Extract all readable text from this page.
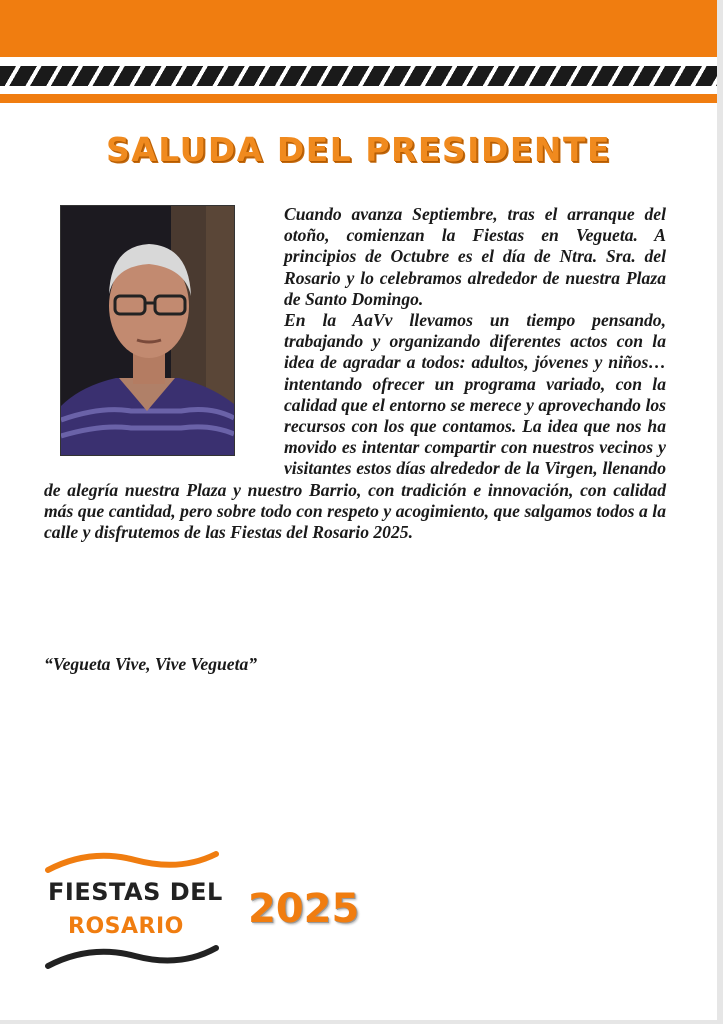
SALUDA DEL PRESIDENTE

Cuando avanza Septiembre, tras el arranque del otoño, comienzan la Fiestas en Vegueta. A principios de Octubre es el día de Ntra. Sra. del Rosario y lo celebramos alrededor de nuestra Plaza de Santo Domingo.

En la AaVv llevamos un tiempo pensando, trabajando y organizando diferentes actos con la idea de agradar a todos: adultos, jóvenes y niños… intentando ofrecer un programa variado, con la calidad que el entorno se merece y aprovechando los recursos con los que contamos. La idea que nos ha movido es intentar compartir con nuestros vecinos y visitantes estos días alrededor de la Virgen, llenando de alegría nuestra Plaza y nuestro Barrio, con tradición e innovación, con calidad más que cantidad, pero sobre todo con respeto y acogimiento, que salgamos todos a la calle y disfrutemos de las Fiestas del Rosario 2025.

“Vegueta Vive, Vive Vegueta”

FIESTAS DEL

ROSARIO 2025
